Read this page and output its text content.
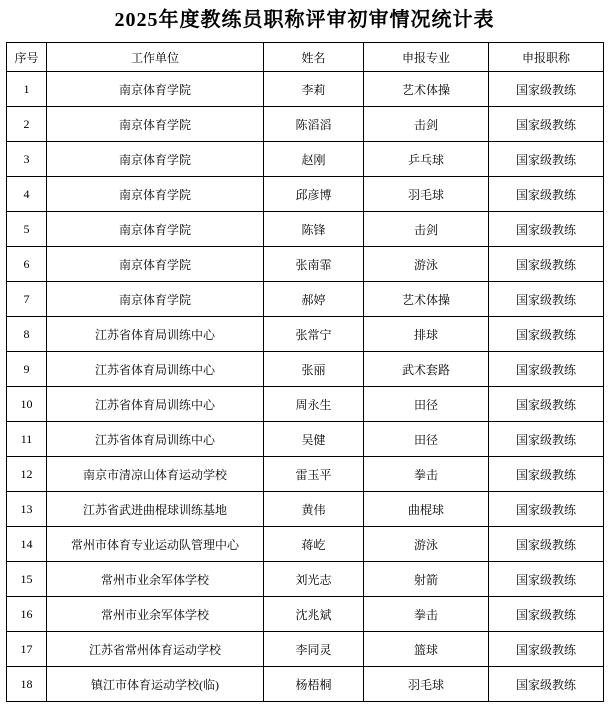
2025年度教练员职称评审初审情况统计表
序号	工作单位	姓名	申报专业	申报职称
1	南京体育学院	李莉	艺术体操	国家级教练
2	南京体育学院	陈滔滔	击剑	国家级教练
3	南京体育学院	赵刚	乒乓球	国家级教练
4	南京体育学院	邱彦博	羽毛球	国家级教练
5	南京体育学院	陈锋	击剑	国家级教练
6	南京体育学院	张南霏	游泳	国家级教练
7	南京体育学院	郝婷	艺术体操	国家级教练
8	江苏省体育局训练中心	张常宁	排球	国家级教练
9	江苏省体育局训练中心	张丽	武术套路	国家级教练
10	江苏省体育局训练中心	周永生	田径	国家级教练
11	江苏省体育局训练中心	吴健	田径	国家级教练
12	南京市清凉山体育运动学校	雷玉平	拳击	国家级教练
13	江苏省武进曲棍球训练基地	黄伟	曲棍球	国家级教练
14	常州市体育专业运动队管理中心	蒋屹	游泳	国家级教练
15	常州市业余军体学校	刘光志	射箭	国家级教练
16	常州市业余军体学校	沈兆斌	拳击	国家级教练
17	江苏省常州体育运动学校	李同灵	篮球	国家级教练
18	镇江市体育运动学校(临)	杨梧桐	羽毛球	国家级教练
